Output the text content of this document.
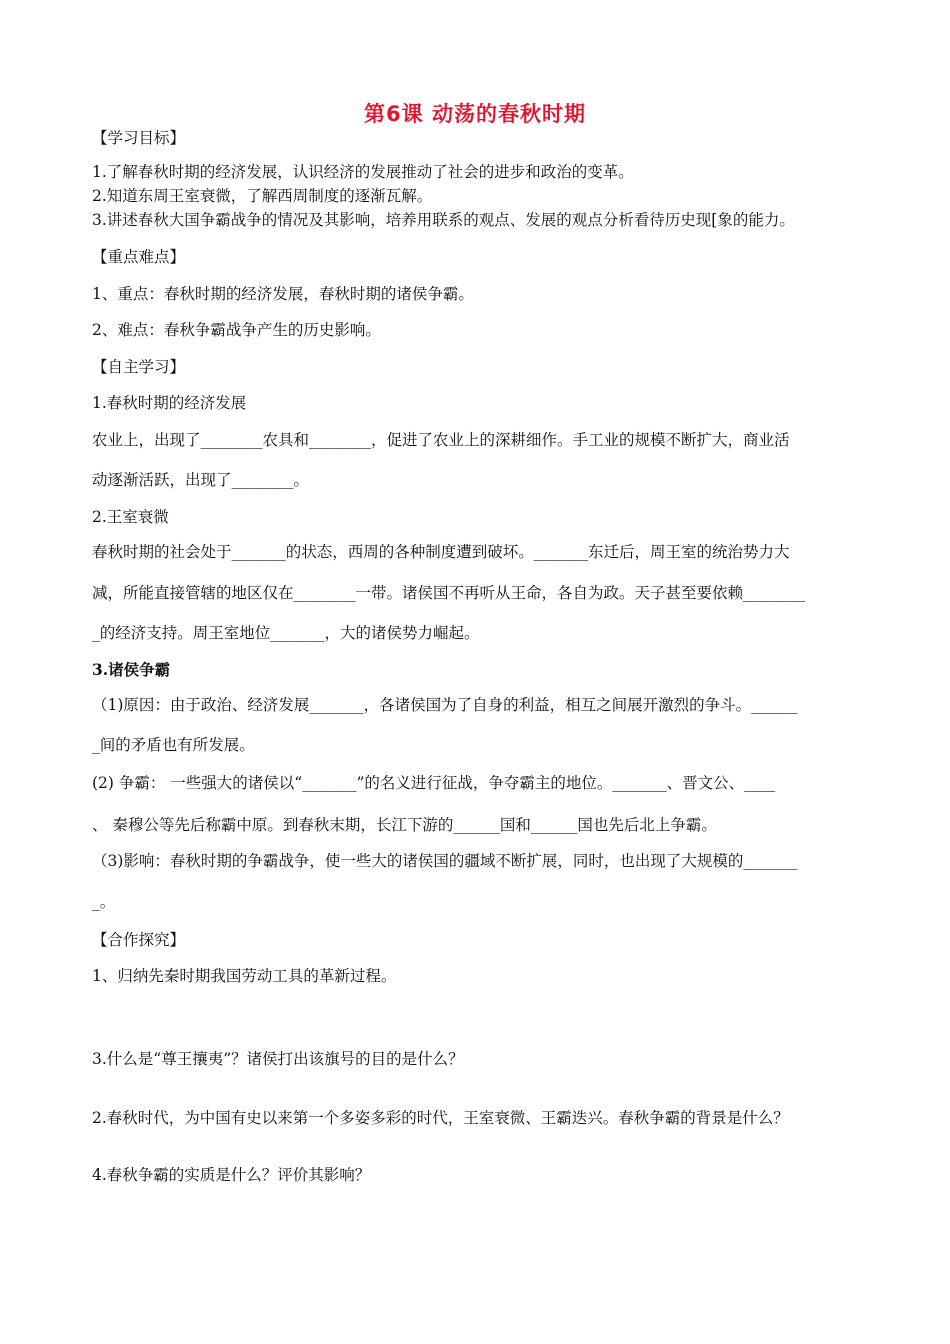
第6课 动荡的春秋时期
【学习目标】
1.了解春秋时期的经济发展，认识经济的发展推动了社会的进步和政治的变革。
2.知道东周王室衰微，了解西周制度的逐渐瓦解。
3.讲述春秋大国争霸战争的情况及其影响，培养用联系的观点、发展的观点分析看待历史现[象的能力。
【重点难点】
1、重点：春秋时期的经济发展，春秋时期的诸侯争霸。
2、难点：春秋争霸战争产生的历史影响。
【自主学习】
1.春秋时期的经济发展
农业上，出现了________农具和________，促进了农业上的深耕细作。手工业的规模不断扩大，商业活
动逐渐活跃，出现了________。
2.王室衰微
春秋时期的社会处于_______的状态，西周的各种制度遭到破坏。_______东迁后，周王室的统治势力大
减，所能直接管辖的地区仅在________一带。诸侯国不再听从王命，各自为政。天子甚至要依赖________
_的经济支持。周王室地位_______，大的诸侯势力崛起。
3.诸侯争霸
（1)原因：由于政治、经济发展_______，各诸侯国为了自身的利益，相互之间展开激烈的争斗。______
_间的矛盾也有所发展。
(2) 争霸： 一些强大的诸侯以“_______”的名义进行征战，争夺霸主的地位。_______、晋文公、____
、 秦穆公等先后称霸中原。到春秋末期，长江下游的______国和______国也先后北上争霸。
（3)影响：春秋时期的争霸战争，使一些大的诸侯国的疆域不断扩展，同时，也出现了大规模的_______
_。
【合作探究】
1、归纳先秦时期我国劳动工具的革新过程。
3.什么是“尊王攘夷”？诸侯打出该旗号的目的是什么？
2.春秋时代，为中国有史以来第一个多姿多彩的时代，王室衰微、王霸迭兴。春秋争霸的背景是什么？
4.春秋争霸的实质是什么？评价其影响？
